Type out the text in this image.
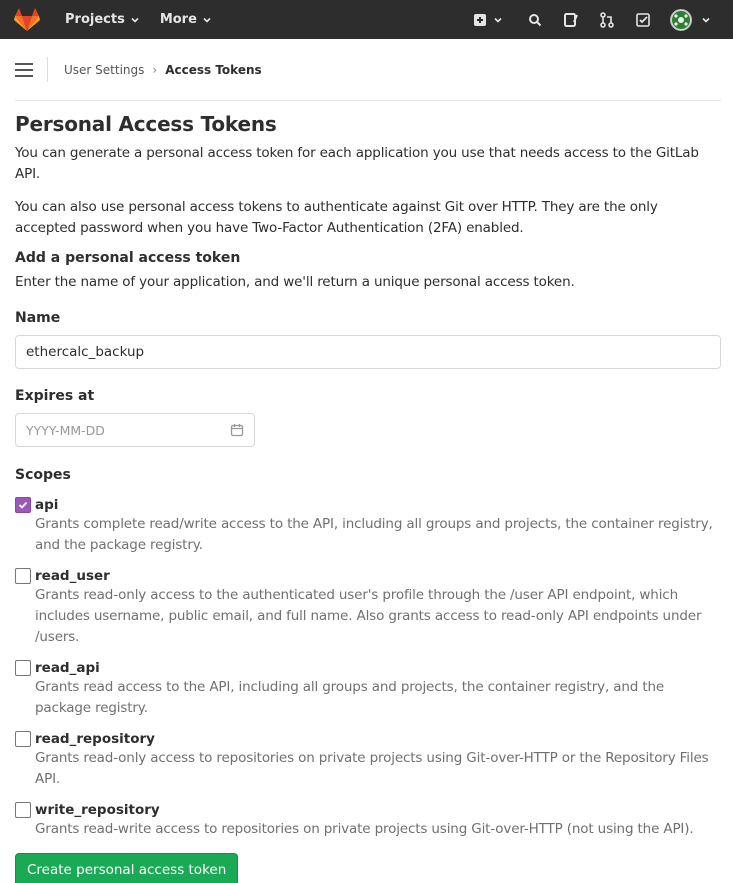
Projects	More
User Settings › Access Tokens
Personal Access Tokens

You can generate a personal access token for each application you use that needs access to the GitLab API.

You can also use personal access tokens to authenticate against Git over HTTP. They are the only accepted password when you have Two-Factor Authentication (2FA) enabled.

Add a personal access token

Enter the name of your application, and we'll return a unique personal access token.

Name
ethercalc_backup
Expires at
YYYY-MM-DD
Scopes
api
Grants complete read/write access to the API, including all groups and projects, the container registry, and the package registry.
read_user
Grants read-only access to the authenticated user's profile through the /user API endpoint, which includes username, public email, and full name. Also grants access to read-only API endpoints under /users.
read_api
Grants read access to the API, including all groups and projects, the container registry, and the package registry.
read_repository
Grants read-only access to repositories on private projects using Git-over-HTTP or the Repository Files API.
write_repository
Grants read-write access to repositories on private projects using Git-over-HTTP (not using the API).
Create personal access token
